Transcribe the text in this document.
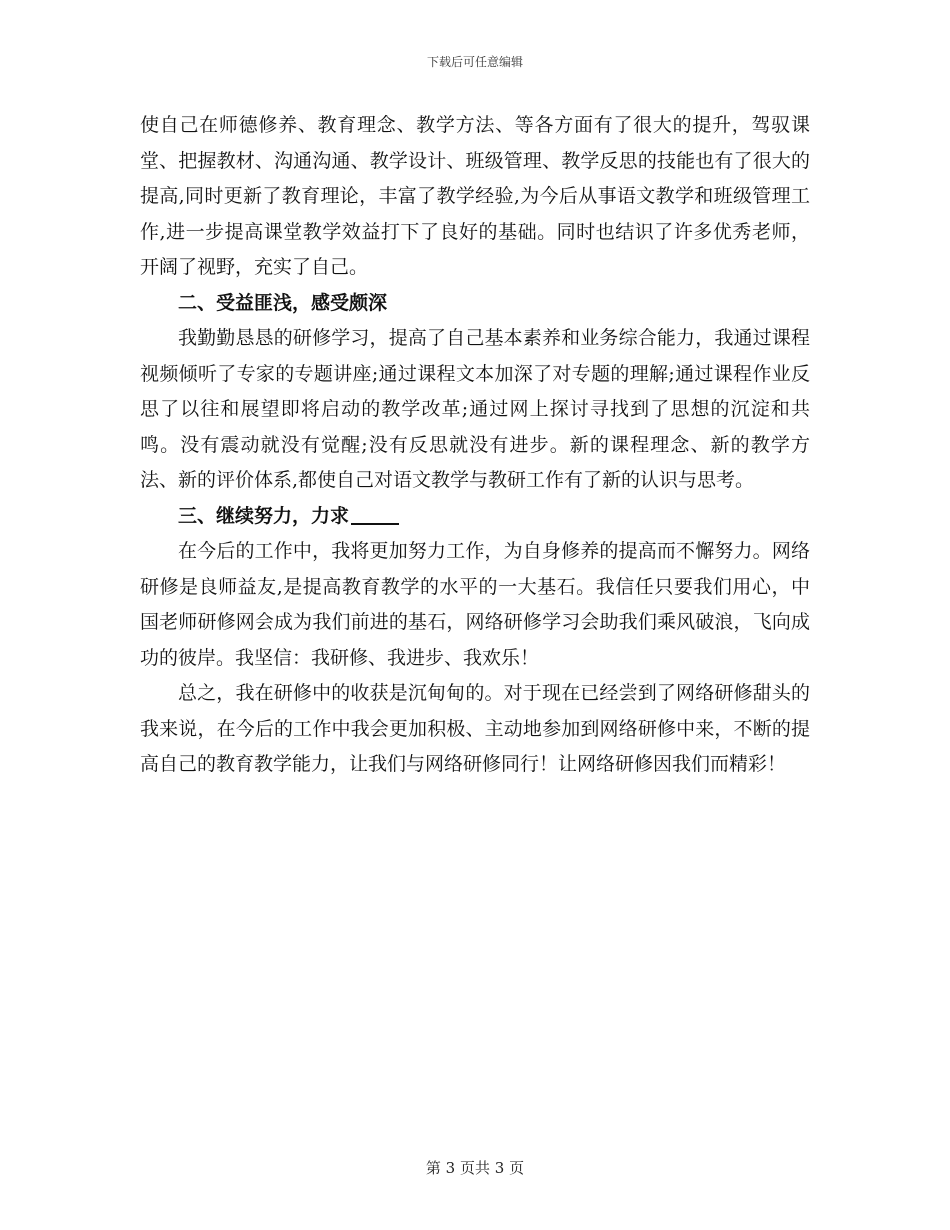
下载后可任意编辑

使自己在师德修养、教育理念、教学方法、等各方面有了很大的提升，驾驭课堂、把握教材、沟通沟通、教学设计、班级管理、教学反思的技能也有了很大的提高,同时更新了教育理论，丰富了教学经验,为今后从事语文教学和班级管理工作,进一步提高课堂教学效益打下了良好的基础。同时也结识了许多优秀老师，开阔了视野，充实了自己。

二、受益匪浅，感受颇深

我勤勤恳恳的研修学习，提高了自己基本素养和业务综合能力，我通过课程视频倾听了专家的专题讲座;通过课程文本加深了对专题的理解;通过课程作业反思了以往和展望即将启动的教学改革;通过网上探讨寻找到了思想的沉淀和共鸣。没有震动就没有觉醒;没有反思就没有进步。新的课程理念、新的教学方法、新的评价体系,都使自己对语文教学与教研工作有了新的认识与思考。

三、继续努力，力求

在今后的工作中，我将更加努力工作，为自身修养的提高而不懈努力。网络研修是良师益友,是提高教育教学的水平的一大基石。我信任只要我们用心，中国老师研修网会成为我们前进的基石，网络研修学习会助我们乘风破浪，飞向成功的彼岸。我坚信：我研修、我进步、我欢乐！

总之，我在研修中的收获是沉甸甸的。对于现在已经尝到了网络研修甜头的我来说，在今后的工作中我会更加积极、主动地参加到网络研修中来，不断的提高自己的教育教学能力，让我们与网络研修同行！让网络研修因我们而精彩！

第 3 页共 3 页
